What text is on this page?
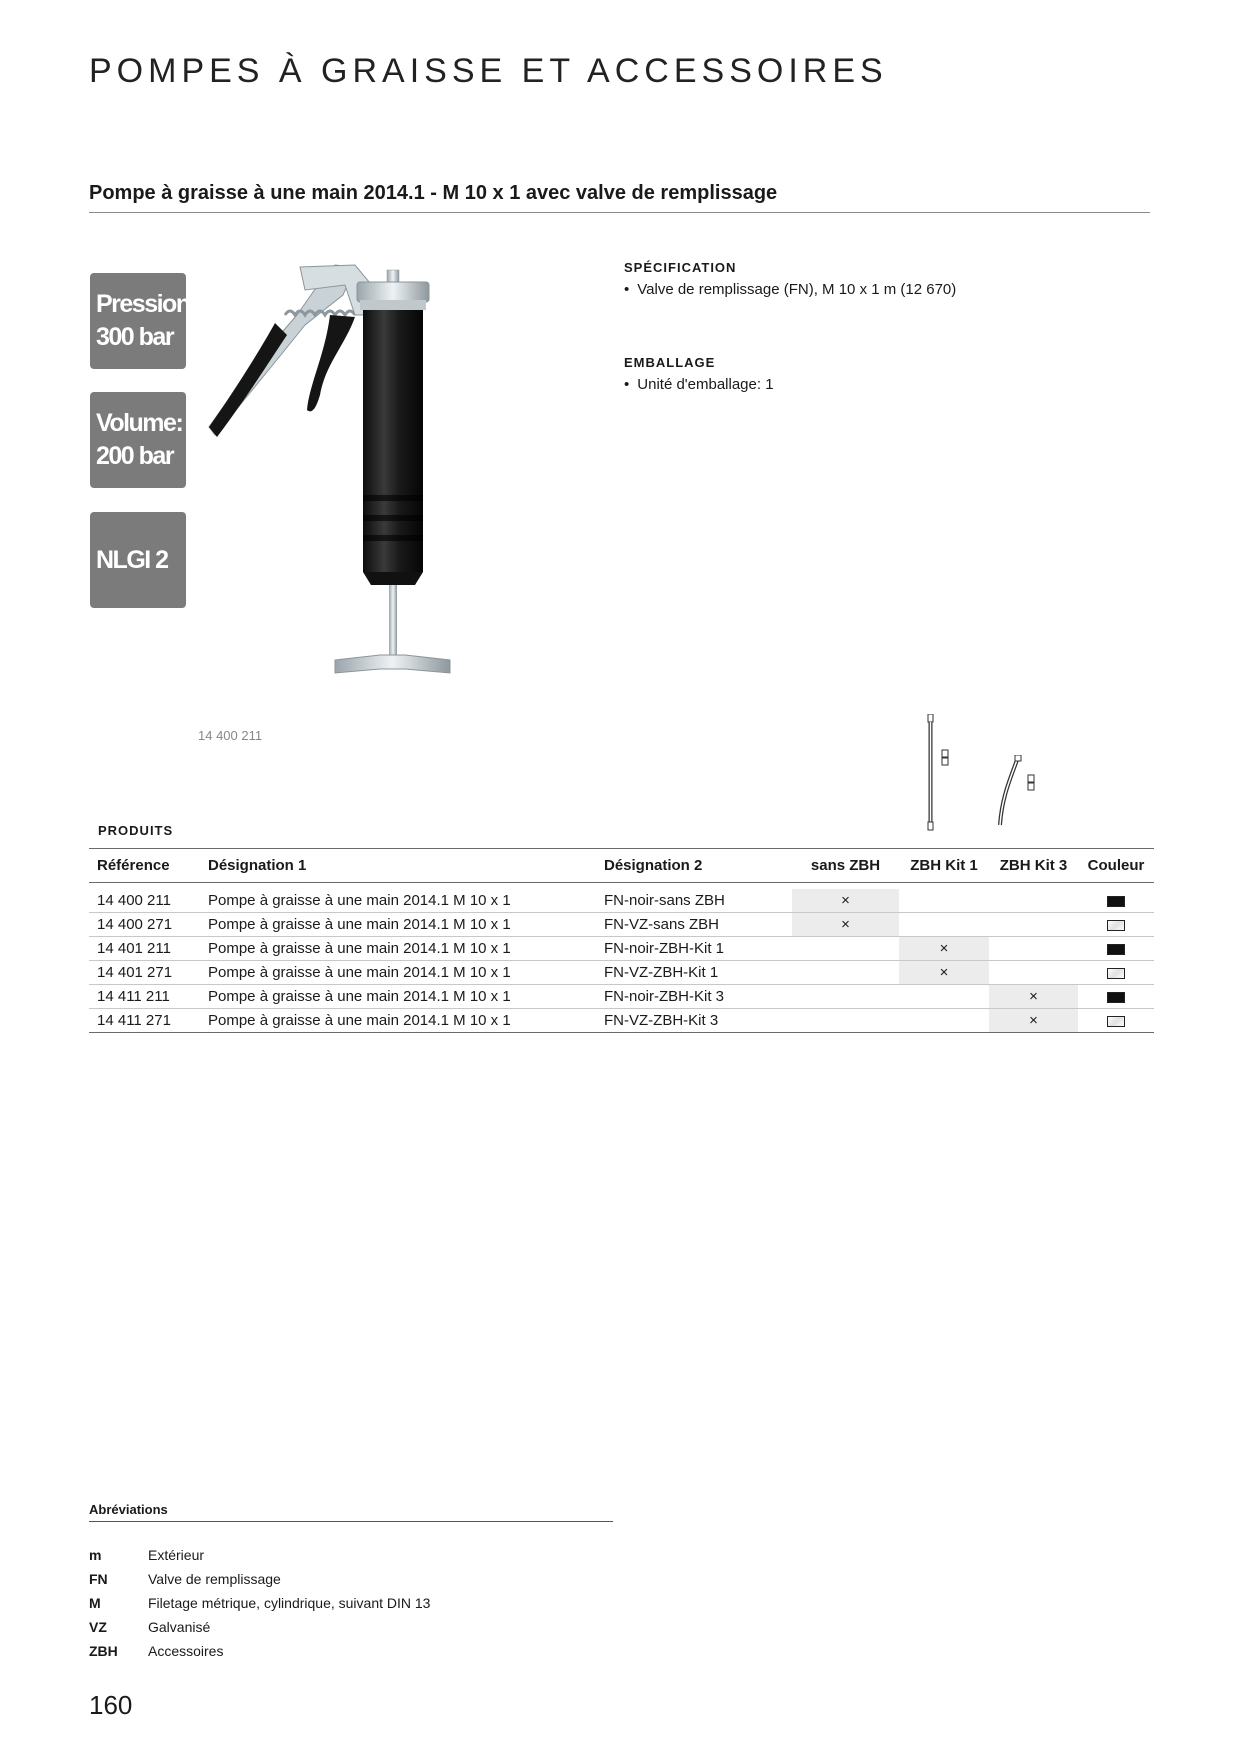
POMPES À GRAISSE ET ACCESSOIRES
Pompe à graisse à une main 2014.1 - M 10 x 1 avec valve de remplissage
Pression:
300 bar
Volume:
200 bar
NLGI 2
14 400 211
SPÉCIFICATION
• Valve de remplissage (FN), M 10 x 1 m (12 670)
EMBALLAGE
• Unité d'emballage: 1
PRODUITS
Référence	Désignation 1	Désignation 2	sans ZBH	ZBH Kit 1	ZBH Kit 3	Couleur

14 400 211	Pompe à graisse à une main 2014.1 M 10 x 1	FN-noir-sans ZBH	×			
14 400 271	Pompe à graisse à une main 2014.1 M 10 x 1	FN-VZ-sans ZBH	×			
14 401 211	Pompe à graisse à une main 2014.1 M 10 x 1	FN-noir-ZBH-Kit 1		×		
14 401 271	Pompe à graisse à une main 2014.1 M 10 x 1	FN-VZ-ZBH-Kit 1		×		
14 411 211	Pompe à graisse à une main 2014.1 M 10 x 1	FN-noir-ZBH-Kit 3			×	
14 411 271	Pompe à graisse à une main 2014.1 M 10 x 1	FN-VZ-ZBH-Kit 3			×	
Abréviations
m	Extérieur
FN	Valve de remplissage
M	Filetage métrique, cylindrique, suivant DIN 13
VZ	Galvanisé
ZBH Accessoires
160
